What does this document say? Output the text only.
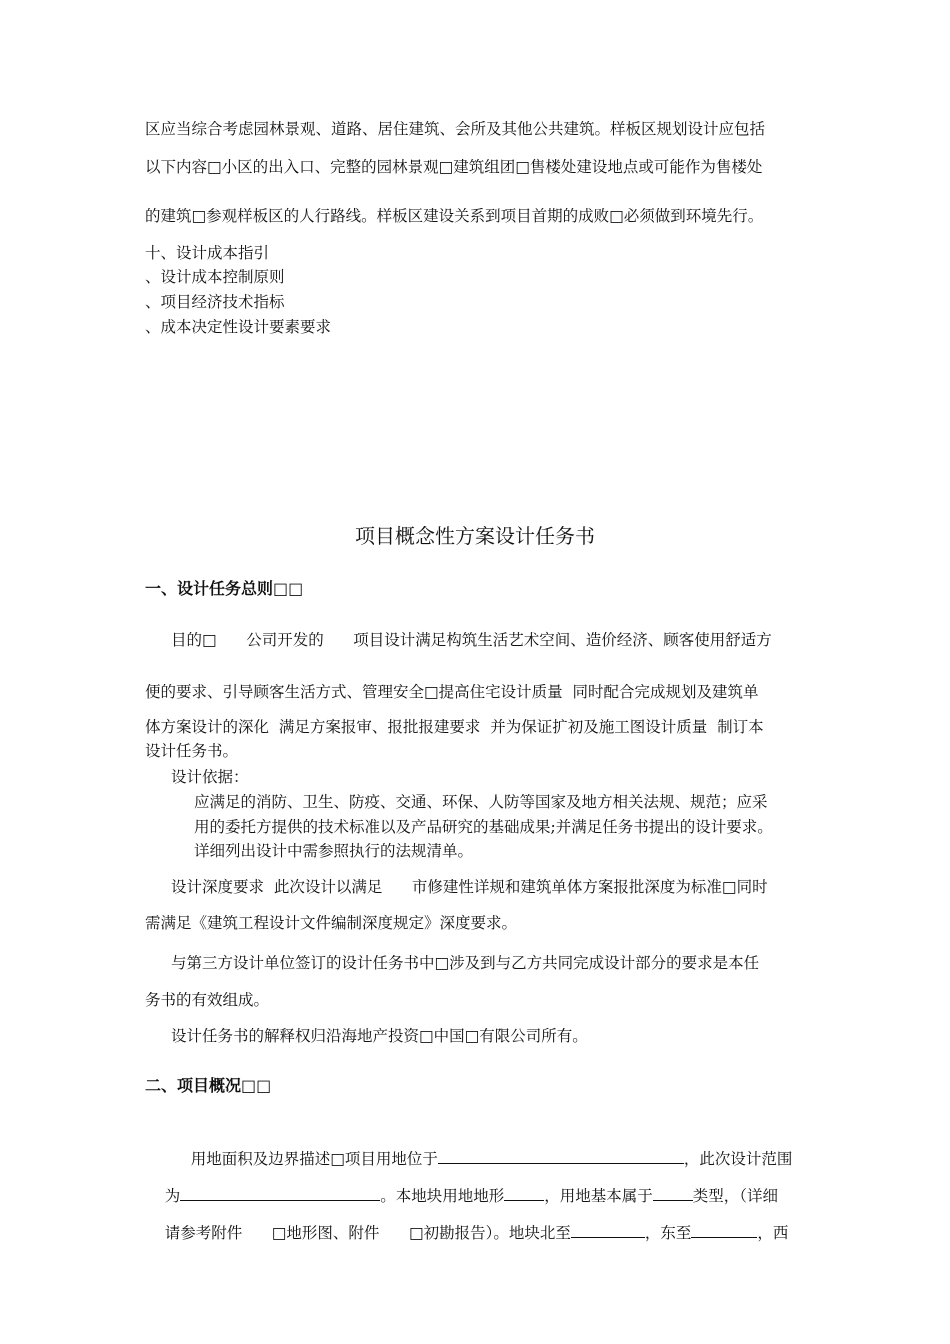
区应当综合考虑园林景观、道路、居住建筑、会所及其他公共建筑。样板区规划设计应包括
以下内容□小区的出入口、完整的园林景观□建筑组团□售楼处建设地点或可能作为售楼处
的建筑□参观样板区的人行路线。样板区建设关系到项目首期的成败□必须做到环境先行。
十、设计成本指引
、设计成本控制原则
、项目经济技术指标
、成本决定性设计要素要求
项目概念性方案设计任务书
一、设计任务总则□□
目的□      公司开发的      项目设计满足构筑生活艺术空间、造价经济、顾客使用舒适方
便的要求、引导顾客生活方式、管理安全□提高住宅设计质量  同时配合完成规划及建筑单
体方案设计的深化  满足方案报审、报批报建要求  并为保证扩初及施工图设计质量  制订本
设计任务书。
设计依据：
应满足的消防、卫生、防疫、交通、环保、人防等国家及地方相关法规、规范；应采
用的委托方提供的技术标准以及产品研究的基础成果;并满足任务书提出的设计要求。
详细列出设计中需参照执行的法规清单。
设计深度要求  此次设计以满足      市修建性详规和建筑单体方案报批深度为标准□同时
需满足《建筑工程设计文件编制深度规定》深度要求。
与第三方设计单位签订的设计任务书中□涉及到与乙方共同完成设计部分的要求是本任
务书的有效组成。
设计任务书的解释权归沿海地产投资□中国□有限公司所有。
二、项目概况□□

用地面积及边界描述□项目用地位于	，此次设计范围

为	。本地块用地地形	，用地基本属于	类型，（详细

请参考附件      □地形图、附件      □初勘报告）。地块北至	，东至	，西
